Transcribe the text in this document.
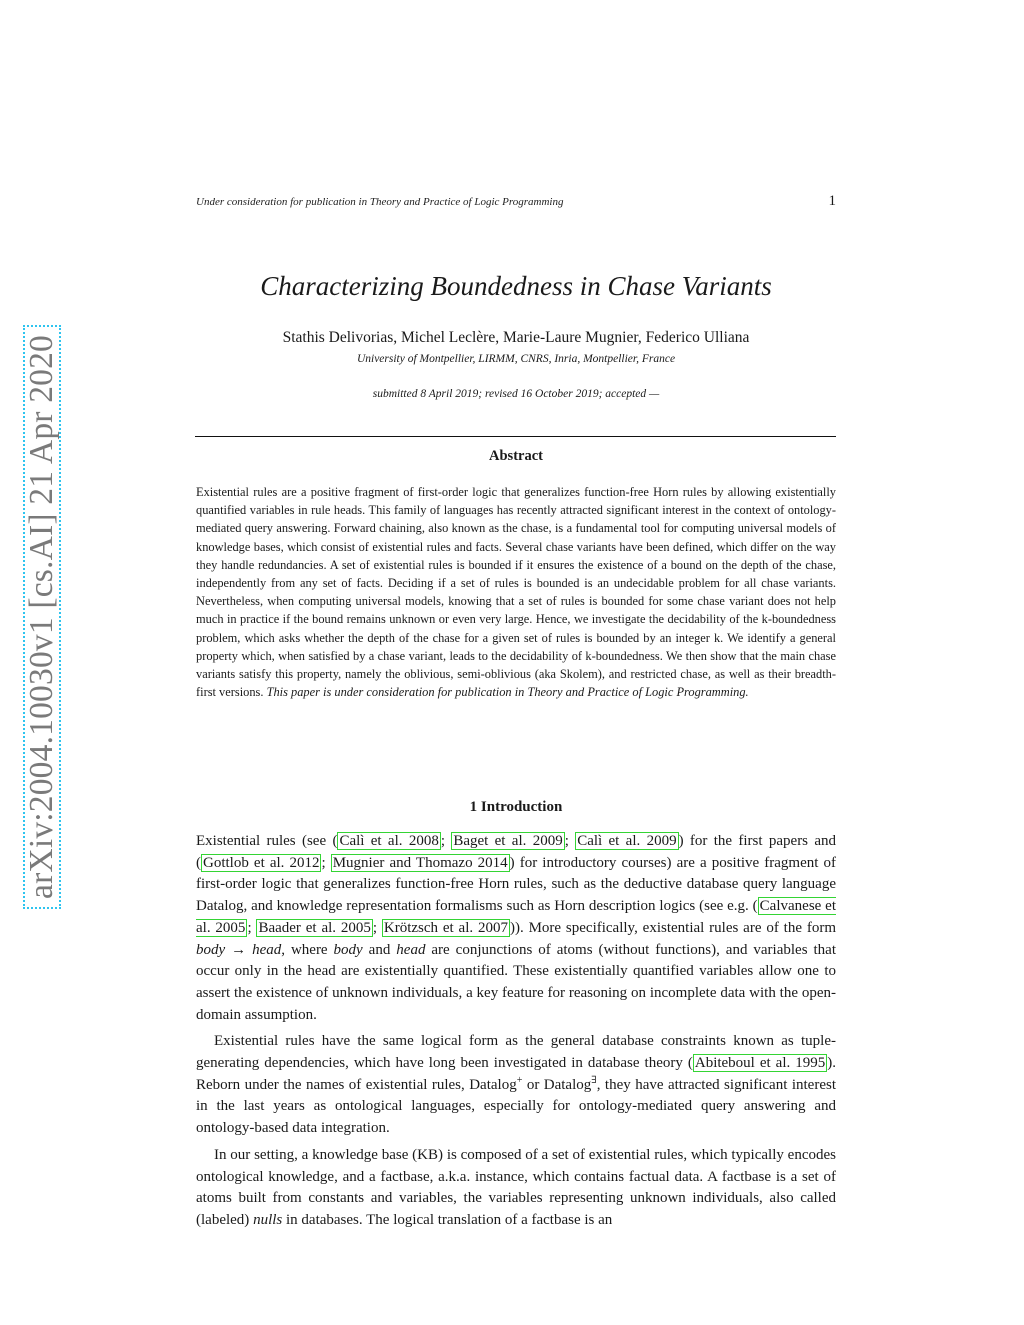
arXiv:2004.10030v1 [cs.AI] 21 Apr 2020
Under consideration for publication in Theory and Practice of Logic Programming	1
Characterizing Boundedness in Chase Variants
Stathis Delivorias, Michel Leclère, Marie-Laure Mugnier, Federico Ulliana
University of Montpellier, LIRMM, CNRS, Inria, Montpellier, France
submitted 8 April 2019; revised 16 October 2019; accepted —
Abstract

Existential rules are a positive fragment of first-order logic that generalizes function-free Horn rules by allowing existentially quantified variables in rule heads. This family of languages has recently attracted significant interest in the context of ontology-mediated query answering. Forward chaining, also known as the chase, is a fundamental tool for computing universal models of knowledge bases, which consist of existential rules and facts. Several chase variants have been defined, which differ on the way they handle redundancies. A set of existential rules is bounded if it ensures the existence of a bound on the depth of the chase, independently from any set of facts. Deciding if a set of rules is bounded is an undecidable problem for all chase variants. Nevertheless, when computing universal models, knowing that a set of rules is bounded for some chase variant does not help much in practice if the bound remains unknown or even very large. Hence, we investigate the decidability of the k-boundedness problem, which asks whether the depth of the chase for a given set of rules is bounded by an integer k. We identify a general property which, when satisfied by a chase variant, leads to the decidability of k-boundedness. We then show that the main chase variants satisfy this property, namely the oblivious, semi-oblivious (aka Skolem), and restricted chase, as well as their breadth-first versions. This paper is under consideration for publication in Theory and Practice of Logic Programming.

1 Introduction

Existential rules (see ( Calì et al. 2008 ; Baget et al. 2009 ; Calì et al. 2009 ) for the first papers and ( Gottlob et al. 2012 ; Mugnier and Thomazo 2014 ) for introductory courses) are a positive fragment of first-order logic that generalizes function-free Horn rules, such as the deductive database query language Datalog, and knowledge representation formalisms such as Horn description logics (see e.g. ( Calvanese et al. 2005 ; Baader et al. 2005 ; Krötzsch et al. 2007 )). More specifically, existential rules are of the form body → head, where body and head are conjunctions of atoms (without functions), and variables that occur only in the head are existentially quantified. These existentially quantified variables allow one to assert the existence of unknown individuals, a key feature for reasoning on incomplete data with the open-domain assumption.

Existential rules have the same logical form as the general database constraints known as tuple-generating dependencies, which have long been investigated in database theory ( Abiteboul et al. 1995 ). Reborn under the names of existential rules, Datalog+ or Datalog∃, they have attracted significant interest in the last years as ontological languages, especially for ontology-mediated query answering and ontology-based data integration.

In our setting, a knowledge base (KB) is composed of a set of existential rules, which typically encodes ontological knowledge, and a factbase, a.k.a. instance, which contains factual data. A factbase is a set of atoms built from constants and variables, the variables representing unknown individuals, also called (labeled) nulls in databases. The logical translation of a factbase is an
